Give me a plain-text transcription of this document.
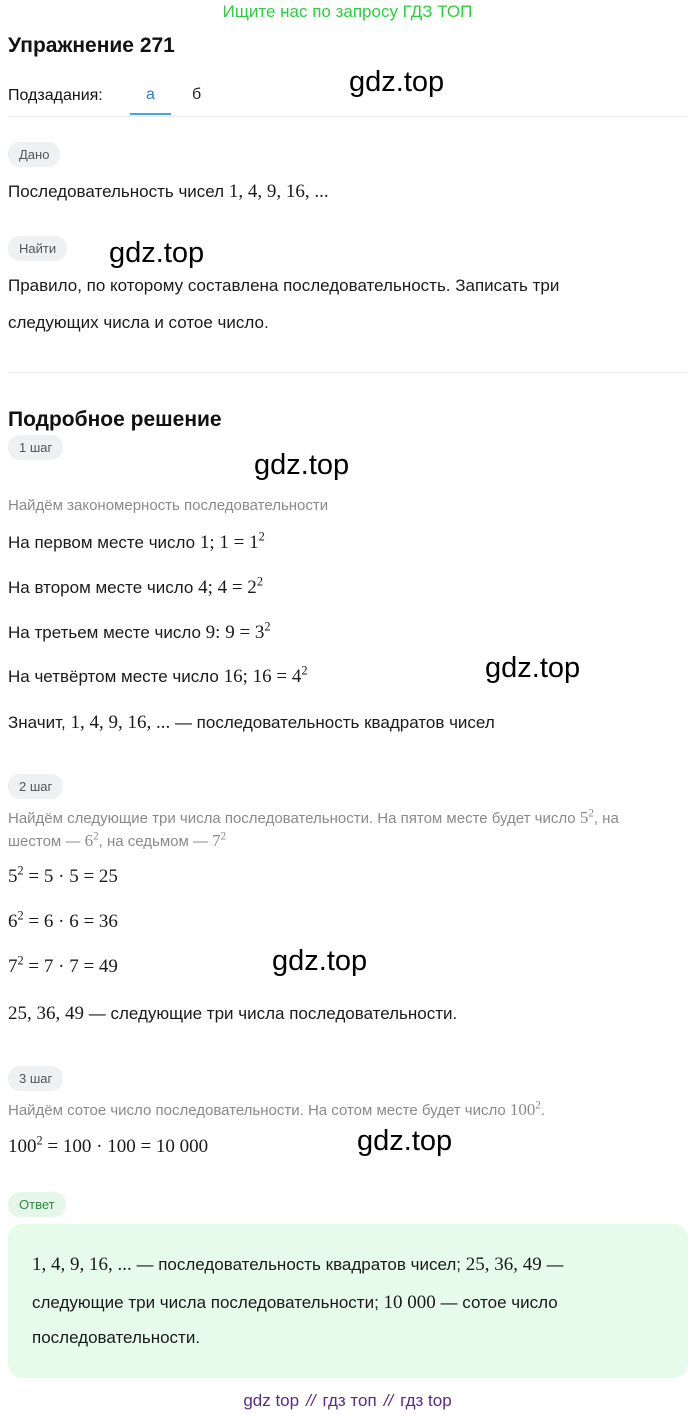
Ищите нас по запросу ГДЗ ТОП
Упражнение 271
gdz.top
Подзадания:	а	б
Дано
Последовательность чисел 1, 4, 9, 16, ...
Найти	gdz.top
Правило, по которому составлена последовательность. Записать три
следующих числа и сотое число.
Подробное решение
1 шаг
gdz.top
Найдём закономерность последовательности
На первом месте число 1; $1 = 1^2$
На втором месте число 4; $4 = 2^2$
На третьем месте число 9: $9 = 3^2$
На четвёртом месте число 16; $16 = 4^2$	gdz.top
Значит, 1, 4, 9, 16, ... — последовательность квадратов чисел
2 шаг
Найдём следующие три числа последовательности. На пятом месте будет число $5^2$, на
шестом — $6^2$, на седьмом — $7^2$
$5^2 = 5 \cdot 5 = 25$
$6^2 = 6 \cdot 6 = 36$
$7^2 = 7 \cdot 7 = 49$	gdz.top
25, 36, 49 — следующие три числа последовательности.
3 шаг
Найдём сотое число последовательности. На сотом месте будет число $100^2$.
$100^2 = 100 \cdot 100 = 10$ 000	gdz.top
Ответ
1, 4, 9, 16, ... — последовательность квадратов чисел; 25, 36, 49 —
следующие три числа последовательности; 10 000 — сотое число
последовательности.
gdz top // гдз топ // гдз top
